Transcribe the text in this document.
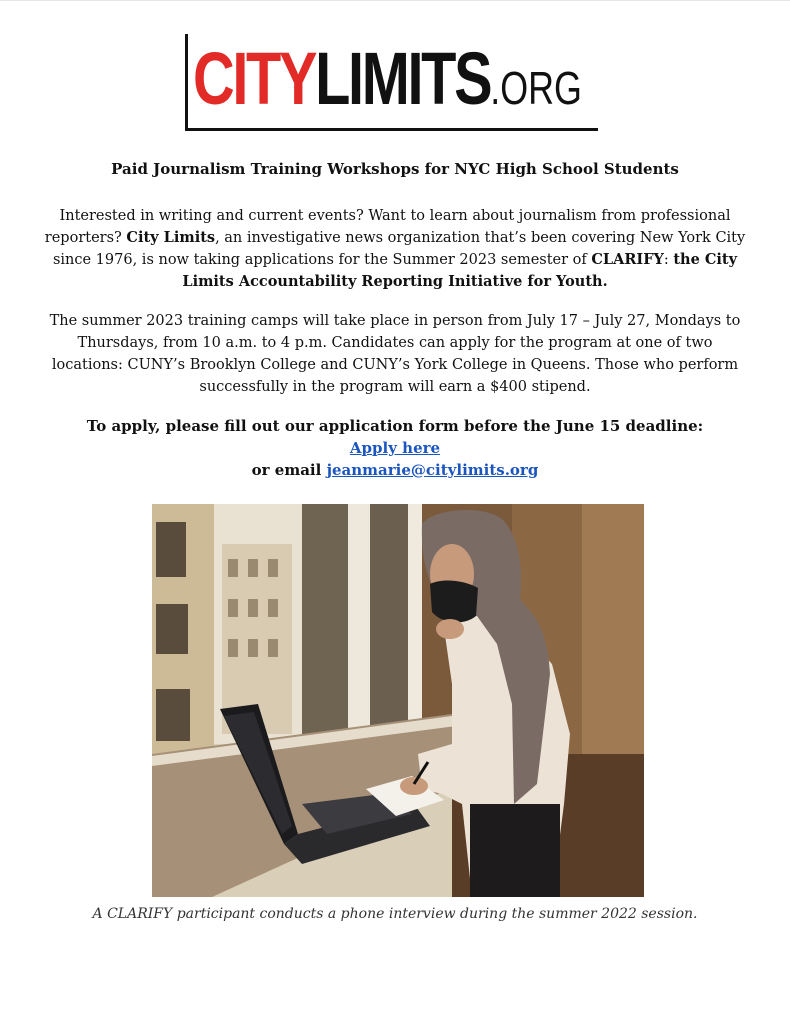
CITYLIMITS.ORG
Paid Journalism Training Workshops for NYC High School Students
Interested in writing and current events? Want to learn about journalism from professional reporters? City Limits, an investigative news organization that’s been covering New York City since 1976, is now taking applications for the Summer 2023 semester of CLARIFY: the City Limits Accountability Reporting Initiative for Youth.
The summer 2023 training camps will take place in person from July 17 – July 27, Mondays to Thursdays, from 10 a.m. to 4 p.m. Candidates can apply for the program at one of two locations: CUNY’s Brooklyn College and CUNY’s York College in Queens. Those who perform successfully in the program will earn a $400 stipend.
To apply, please fill out our application form before the June 15 deadline:
Apply here
or email jeanmarie@citylimits.org
A CLARIFY participant conducts a phone interview during the summer 2022 session.
